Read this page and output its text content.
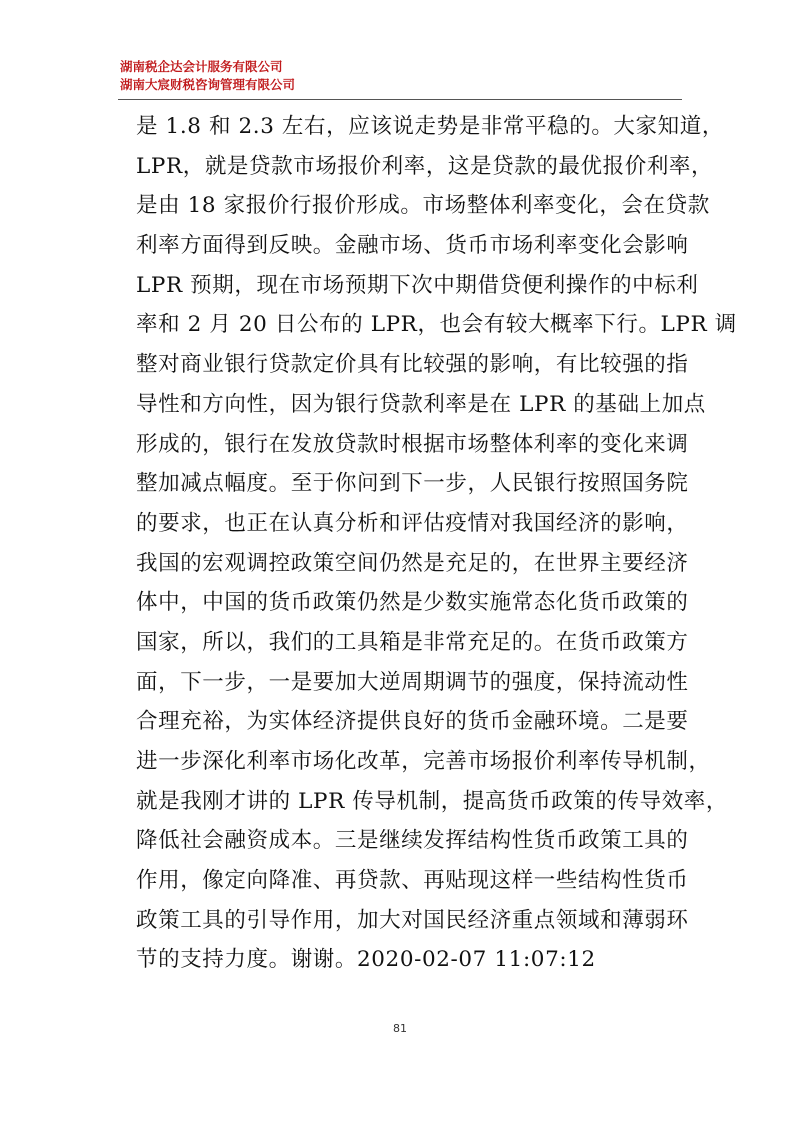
湖南税企达会计服务有限公司
湖南大宸财税咨询管理有限公司
是 1.8 和 2.3 左右，应该说走势是非常平稳的。大家知道，
LPR，就是贷款市场报价利率，这是贷款的最优报价利率，
是由 18 家报价行报价形成。市场整体利率变化，会在贷款
利率方面得到反映。金融市场、货币市场利率变化会影响
LPR 预期，现在市场预期下次中期借贷便利操作的中标利
率和 2 月 20 日公布的 LPR，也会有较大概率下行。LPR 调
整对商业银行贷款定价具有比较强的影响，有比较强的指
导性和方向性，因为银行贷款利率是在 LPR 的基础上加点
形成的，银行在发放贷款时根据市场整体利率的变化来调
整加减点幅度。至于你问到下一步，人民银行按照国务院
的要求，也正在认真分析和评估疫情对我国经济的影响，
我国的宏观调控政策空间仍然是充足的，在世界主要经济
体中，中国的货币政策仍然是少数实施常态化货币政策的
国家，所以，我们的工具箱是非常充足的。在货币政策方
面，下一步，一是要加大逆周期调节的强度，保持流动性
合理充裕，为实体经济提供良好的货币金融环境。二是要
进一步深化利率市场化改革，完善市场报价利率传导机制，
就是我刚才讲的 LPR 传导机制，提高货币政策的传导效率，
降低社会融资成本。三是继续发挥结构性货币政策工具的
作用，像定向降准、再贷款、再贴现这样一些结构性货币
政策工具的引导作用，加大对国民经济重点领域和薄弱环
节的支持力度。谢谢。2020-02-07 11:07:12
81
